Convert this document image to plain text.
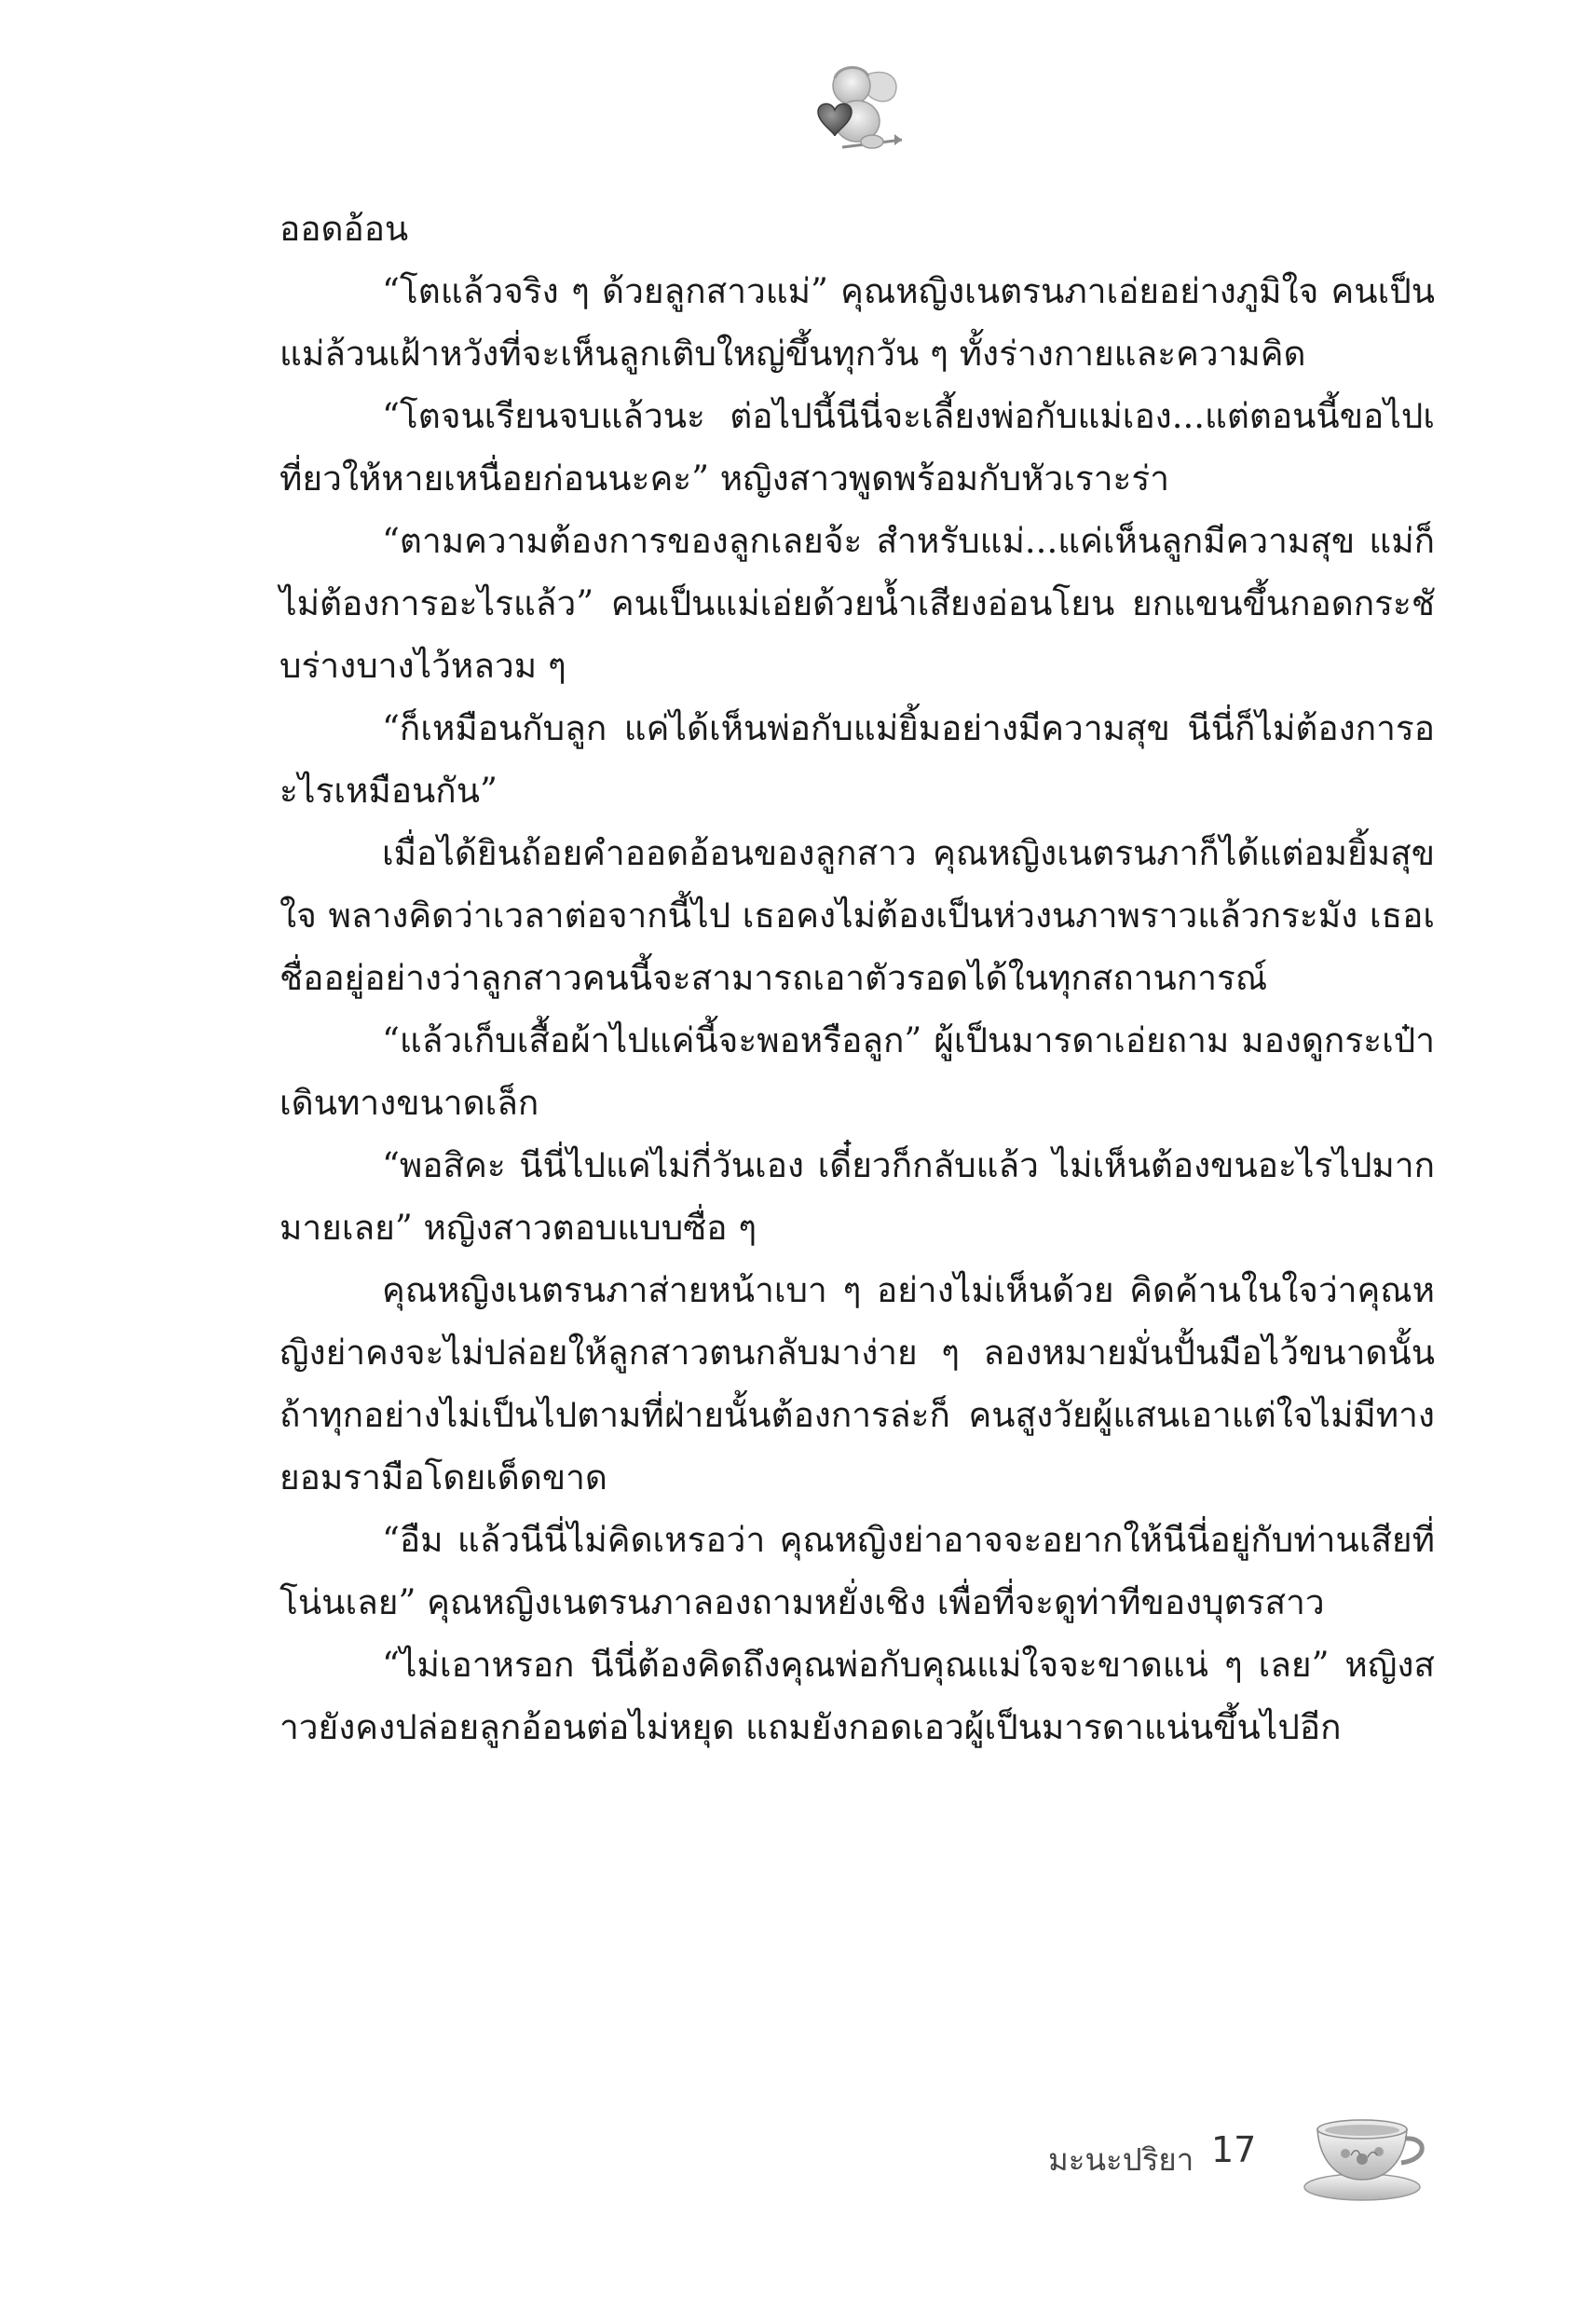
ออดอ้อน

“โตแล้วจริง ๆ ด้วยลูกสาวแม่” คุณหญิงเนตรนภาเอ่ยอย่างภูมิใจ คนเป็นแม่ล้วนเฝ้าหวังที่จะเห็นลูกเติบใหญ่ขึ้นทุกวัน ๆ ทั้งร่างกายและความคิด

“โตจนเรียนจบแล้วนะ ต่อไปนี้นีนี่จะเลี้ยงพ่อกับแม่เอง...แต่ตอนนี้ขอไปเที่ยวให้หายเหนื่อยก่อนนะคะ” หญิงสาวพูดพร้อมกับหัวเราะร่า

“ตามความต้องการของลูกเลยจ้ะ สำหรับแม่...แค่เห็นลูกมีความสุข แม่ก็ไม่ต้องการอะไรแล้ว” คนเป็นแม่เอ่ยด้วยน้ำเสียงอ่อนโยน ยกแขนขึ้นกอดกระชับร่างบางไว้หลวม ๆ

“ก็เหมือนกับลูก แค่ได้เห็นพ่อกับแม่ยิ้มอย่างมีความสุข นีนี่ก็ไม่ต้องการอะไรเหมือนกัน”

เมื่อได้ยินถ้อยคำออดอ้อนของลูกสาว คุณหญิงเนตรนภาก็ได้แต่อมยิ้มสุขใจ พลางคิดว่าเวลาต่อจากนี้ไป เธอคงไม่ต้องเป็นห่วงนภาพราวแล้วกระมัง เธอเชื่ออยู่อย่างว่าลูกสาวคนนี้จะสามารถเอาตัวรอดได้ในทุกสถานการณ์

“แล้วเก็บเสื้อผ้าไปแค่นี้จะพอหรือลูก” ผู้เป็นมารดาเอ่ยถาม มองดูกระเป๋าเดินทางขนาดเล็ก

“พอสิคะ นีนี่ไปแค่ไม่กี่วันเอง เดี๋ยวก็กลับแล้ว ไม่เห็นต้องขนอะไรไปมากมายเลย” หญิงสาวตอบแบบซื่อ ๆ

คุณหญิงเนตรนภาส่ายหน้าเบา ๆ อย่างไม่เห็นด้วย คิดค้านในใจว่าคุณหญิงย่าคงจะไม่ปล่อยให้ลูกสาวตนกลับมาง่าย ๆ ลองหมายมั่นปั้นมือไว้ขนาดนั้น ถ้าทุกอย่างไม่เป็นไปตามที่ฝ่ายนั้นต้องการล่ะก็ คนสูงวัยผู้แสนเอาแต่ใจไม่มีทางยอมรามือโดยเด็ดขาด

“อืม แล้วนีนี่ไม่คิดเหรอว่า คุณหญิงย่าอาจจะอยากให้นีนี่อยู่กับท่านเสียที่โน่นเลย” คุณหญิงเนตรนภาลองถามหยั่งเชิง เพื่อที่จะดูท่าทีของบุตรสาว

“ไม่เอาหรอก นีนี่ต้องคิดถึงคุณพ่อกับคุณแม่ใจจะขาดแน่ ๆ เลย” หญิงสาวยังคงปล่อยลูกอ้อนต่อไม่หยุด แถมยังกอดเอวผู้เป็นมารดาแน่นขึ้นไปอีก

มะนะปริยา 17
